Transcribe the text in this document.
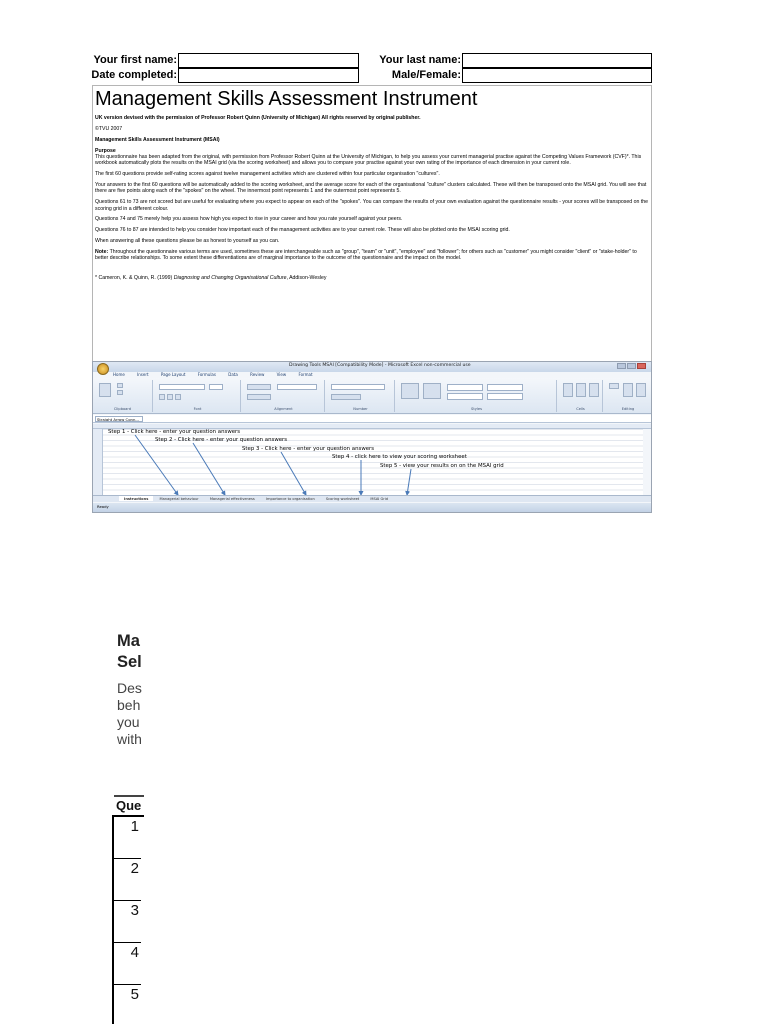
Your first name:	Your last name:
Date completed:	Male/Female:
Management Skills Assessment Instrument

UK version devised with the permission of Professor Robert Quinn (University of Michigan) All rights reserved by original publisher.

©TVU 2007

Management Skills Assessment Instrument (MSAI)

Purpose
This questionnaire has been adapted from the original, with permission from Professor Robert Quinn at the University of Michigan, to help you assess your current managerial practise against the Competing Values Framework (CVF)*. This workbook automatically plots the results on the MSAI grid (via the scoring worksheet) and allows you to compare your practise against your own rating of the importance of each dimension in your current role.

The first 60 questions provide self-rating scores against twelve management activities which are clustered within four particular organisation "cultures".

Your answers to the first 60 questions will be automatically added to the scoring worksheet, and the average score for each of the organisational "culture" clusters calculated. These will then be transposed onto the MSAI grid. You will see that there are five points along each of the "spokes" on the wheel. The innermost point represents 1 and the outermost point represents 5.

Questions 61 to 73 are not scored but are useful for evaluating where you expect to appear on each of the "spokes". You can compare the results of your own evaluation against the questionnaire results - your scores will be transposed on the scoring grid in a different colour.

Questions 74 and 75 merely help you assess how high you expect to rise in your career and how you rate yourself against your peers.

Questions 76 to 87 are intended to help you consider how important each of the management activities are to your current role. These will also be plotted onto the MSAI scoring grid.

When answering all these questions please be as honest to yourself as you can.

Note: Throughout the questionnaire various terms are used, sometimes these are interchangeable such as "group", "team" or "unit", "employee" and "follower"; for others such as "customer" you might consider "client" or "stake-holder" to better describe relationships. To some extent these differentiations are of marginal importance to the outcome of the questionnaire and the impact on the model.

* Cameron, K. & Quinn, R. (1999) Diagnosing and Changing Organisational Culture, Addison-Wesley

Drawing Tools MSAI [Compatibility Mode] - Microsoft Excel non-commercial use
Home	Insert	Page Layout	Formulas	Data	Review	View	Format
Clipboard	Font	Alignment	Number	Styles	Cells	Editing
Straight Arrow Conn...
Step 1 - Click here - enter your question answers
Step 2 - Click here - enter your question answers
Step 3 - Click here - enter your question answers
Step 4 - click here to view your scoring worksheet
Step 5 - view your results on on the MSAI grid
Instructions	Managerial behaviour	Managerial effectiveness	Importance to organisation	Scoring worksheet	MSAI Grid
Ready
Ma
Sel
Des
beh
you
with
Que
1
2
3
4
5
